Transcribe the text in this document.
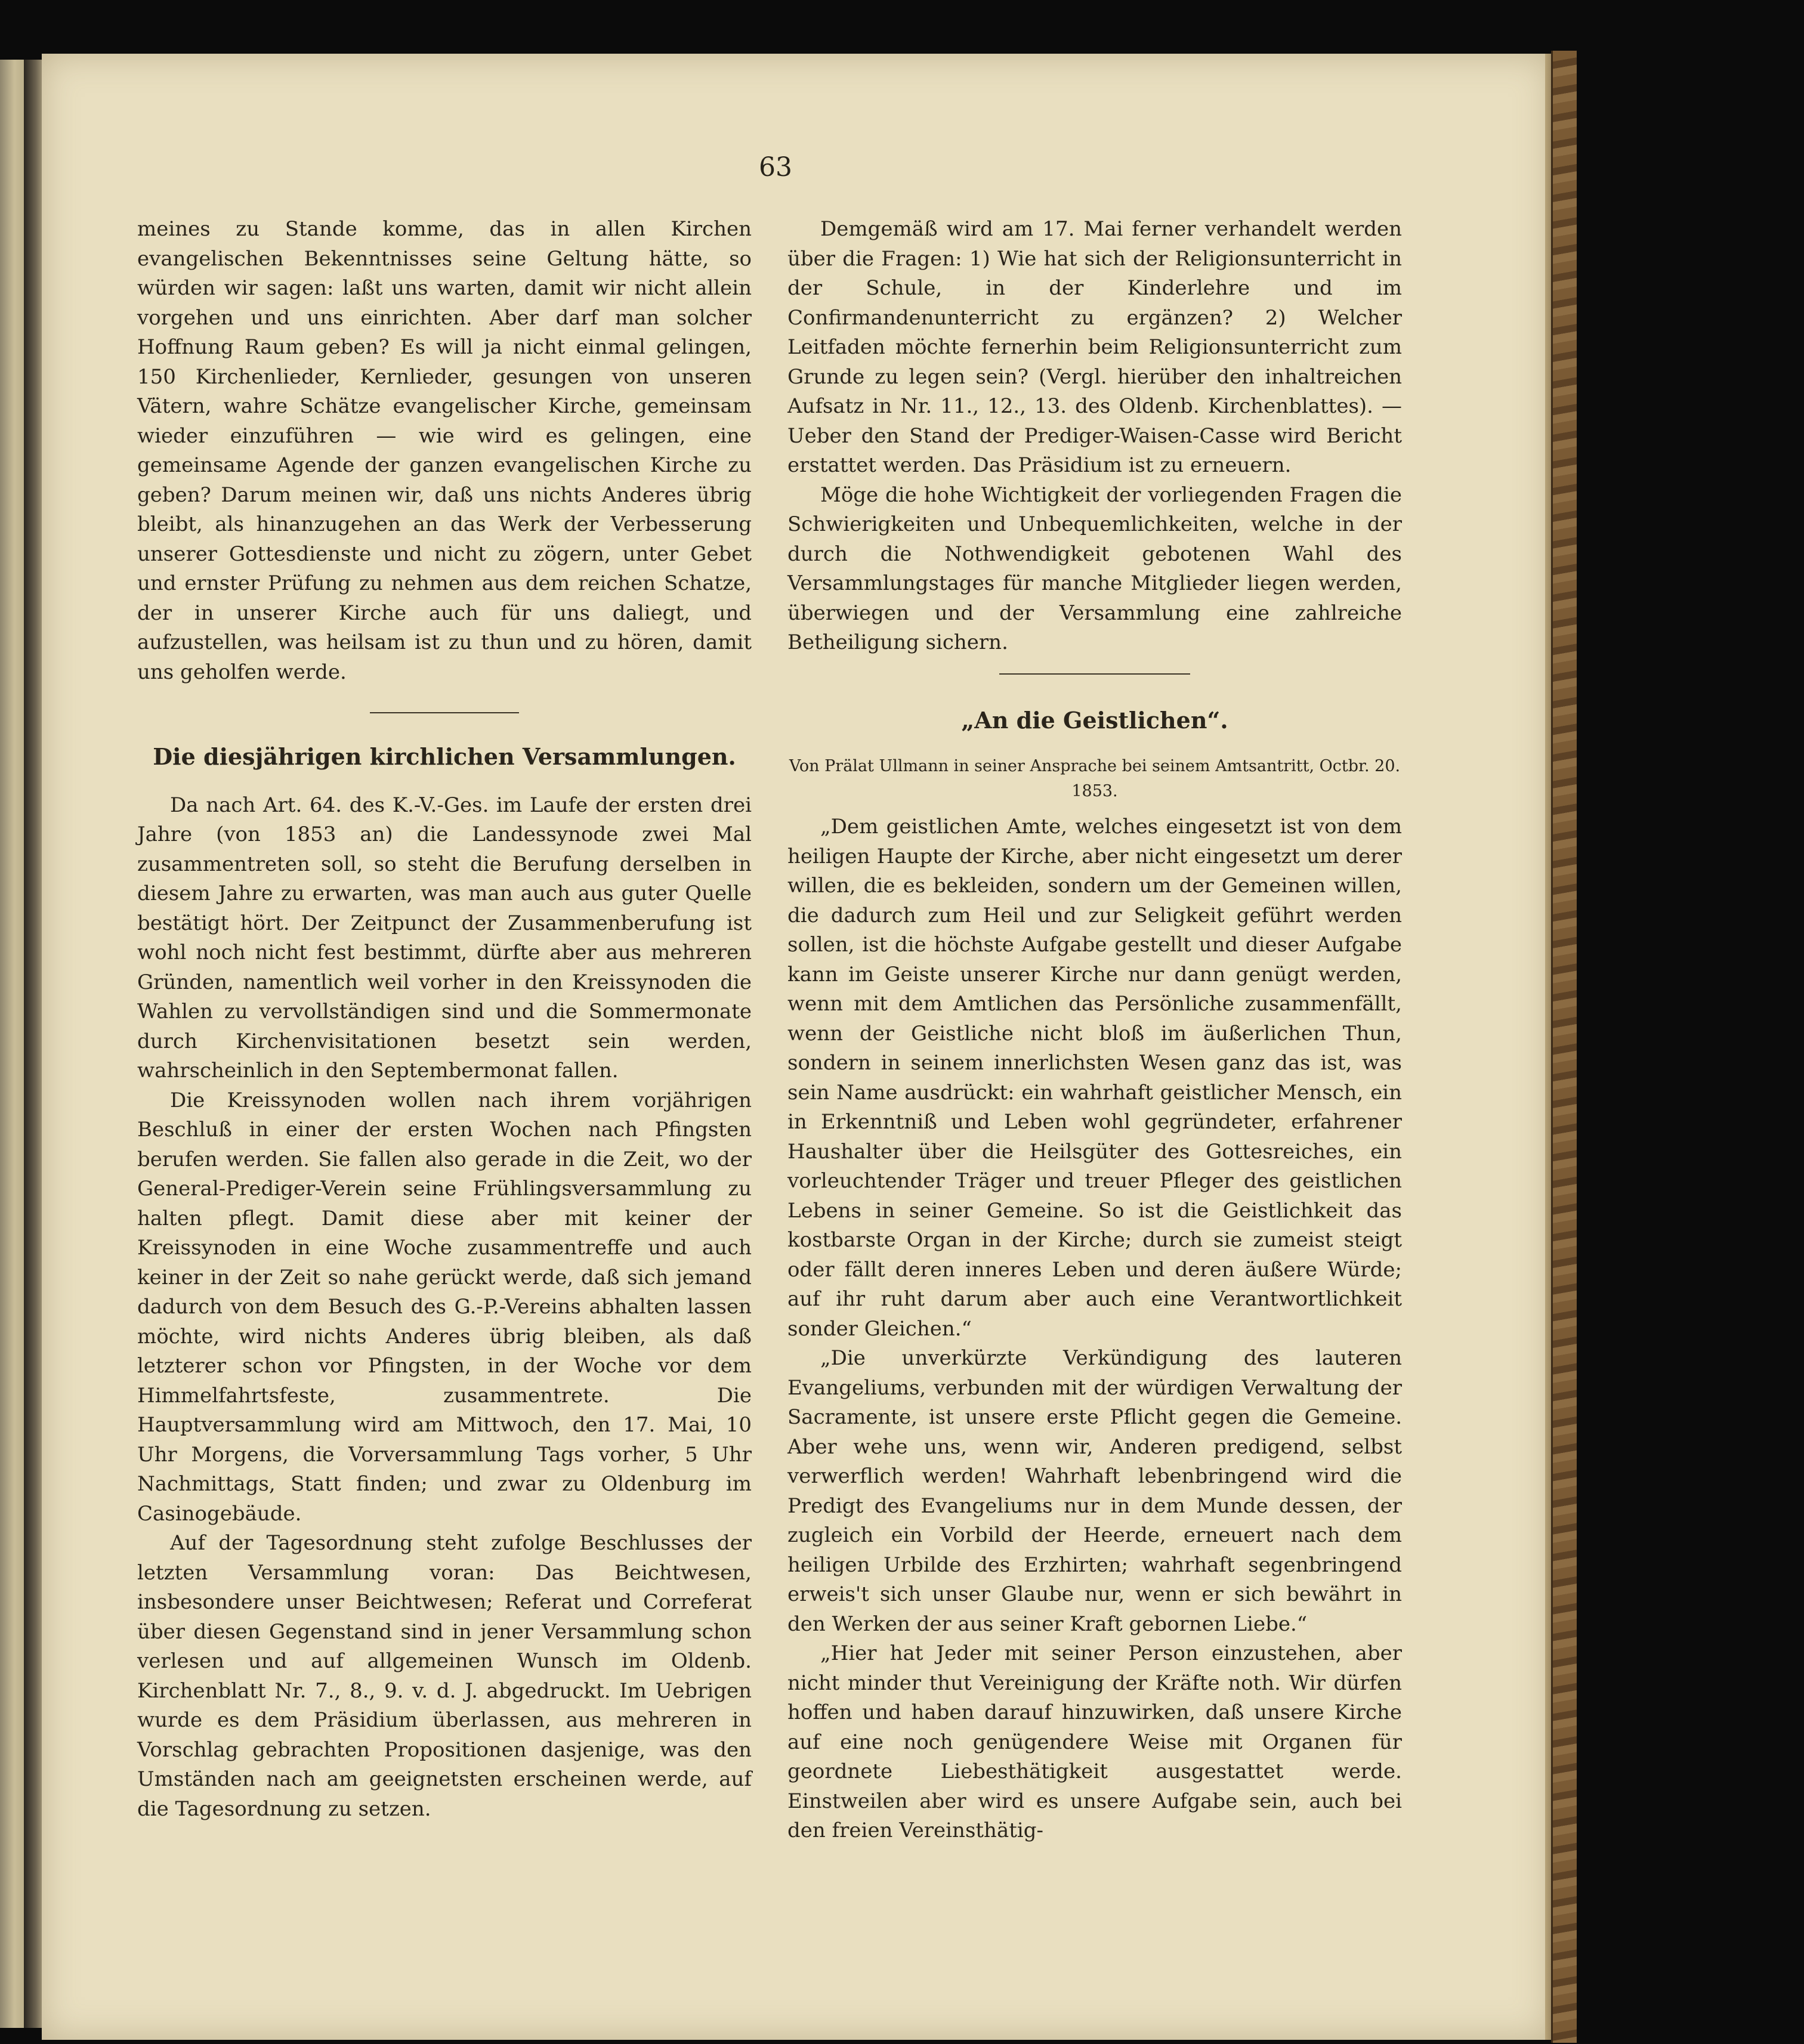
63

meines zu Stande komme, das in allen Kirchen evangelischen Bekenntnisses seine Geltung hätte, so würden wir sagen: laßt uns warten, damit wir nicht allein vorgehen und uns einrichten. Aber darf man solcher Hoffnung Raum geben? Es will ja nicht einmal gelingen, 150 Kirchenlieder, Kernlieder, gesungen von unseren Vätern, wahre Schätze evangelischer Kirche, gemeinsam wieder einzuführen — wie wird es gelingen, eine gemeinsame Agende der ganzen evangelischen Kirche zu geben? Darum meinen wir, daß uns nichts Anderes übrig bleibt, als hinanzugehen an das Werk der Verbesserung unserer Gottesdienste und nicht zu zögern, unter Gebet und ernster Prüfung zu nehmen aus dem reichen Schatze, der in unserer Kirche auch für uns daliegt, und aufzustellen, was heilsam ist zu thun und zu hören, damit uns geholfen werde.

Die diesjährigen kirchlichen Versammlungen.

Da nach Art. 64. des K.-V.-Ges. im Laufe der ersten drei Jahre (von 1853 an) die Landessynode zwei Mal zusammentreten soll, so steht die Berufung derselben in diesem Jahre zu erwarten, was man auch aus guter Quelle bestätigt hört. Der Zeitpunct der Zusammenberufung ist wohl noch nicht fest bestimmt, dürfte aber aus mehreren Gründen, namentlich weil vorher in den Kreissynoden die Wahlen zu vervollständigen sind und die Sommermonate durch Kirchenvisitationen besetzt sein werden, wahrscheinlich in den Septembermonat fallen.

Die Kreissynoden wollen nach ihrem vorjährigen Beschluß in einer der ersten Wochen nach Pfingsten berufen werden. Sie fallen also gerade in die Zeit, wo der General-Prediger-Verein seine Frühlingsversammlung zu halten pflegt. Damit diese aber mit keiner der Kreissynoden in eine Woche zusammentreffe und auch keiner in der Zeit so nahe gerückt werde, daß sich jemand dadurch von dem Besuch des G.-P.-Vereins abhalten lassen möchte, wird nichts Anderes übrig bleiben, als daß letzterer schon vor Pfingsten, in der Woche vor dem Himmelfahrtsfeste, zusammentrete. Die Hauptversammlung wird am Mittwoch, den 17. Mai, 10 Uhr Morgens, die Vorversammlung Tags vorher, 5 Uhr Nachmittags, Statt finden; und zwar zu Oldenburg im Casinogebäude.

Auf der Tagesordnung steht zufolge Beschlusses der letzten Versammlung voran: Das Beichtwesen, insbesondere unser Beichtwesen; Referat und Correferat über diesen Gegenstand sind in jener Versammlung schon verlesen und auf allgemeinen Wunsch im Oldenb. Kirchenblatt Nr. 7., 8., 9. v. d. J. abgedruckt. Im Uebrigen wurde es dem Präsidium überlassen, aus mehreren in Vorschlag gebrachten Propositionen dasjenige, was den Umständen nach am geeignetsten erscheinen werde, auf die Tagesordnung zu setzen.

Demgemäß wird am 17. Mai ferner verhandelt werden über die Fragen: 1) Wie hat sich der Religionsunterricht in der Schule, in der Kinderlehre und im Confirmandenunterricht zu ergänzen? 2) Welcher Leitfaden möchte fernerhin beim Religionsunterricht zum Grunde zu legen sein? (Vergl. hierüber den inhaltreichen Aufsatz in Nr. 11., 12., 13. des Oldenb. Kirchenblattes). — Ueber den Stand der Prediger-Waisen-Casse wird Bericht erstattet werden. Das Präsidium ist zu erneuern.

Möge die hohe Wichtigkeit der vorliegenden Fragen die Schwierigkeiten und Unbequemlichkeiten, welche in der durch die Nothwendigkeit gebotenen Wahl des Versammlungstages für manche Mitglieder liegen werden, überwiegen und der Versammlung eine zahlreiche Betheiligung sichern.

„An die Geistlichen“.
Von Prälat Ullmann in seiner Ansprache bei seinem Amtsantritt, Octbr. 20. 1853.

„Dem geistlichen Amte, welches eingesetzt ist von dem heiligen Haupte der Kirche, aber nicht eingesetzt um derer willen, die es bekleiden, sondern um der Gemeinen willen, die dadurch zum Heil und zur Seligkeit geführt werden sollen, ist die höchste Aufgabe gestellt und dieser Aufgabe kann im Geiste unserer Kirche nur dann genügt werden, wenn mit dem Amtlichen das Persönliche zusammenfällt, wenn der Geistliche nicht bloß im äußerlichen Thun, sondern in seinem innerlichsten Wesen ganz das ist, was sein Name ausdrückt: ein wahrhaft geistlicher Mensch, ein in Erkenntniß und Leben wohl gegründeter, erfahrener Haushalter über die Heilsgüter des Gottesreiches, ein vorleuchtender Träger und treuer Pfleger des geistlichen Lebens in seiner Gemeine. So ist die Geistlichkeit das kostbarste Organ in der Kirche; durch sie zumeist steigt oder fällt deren inneres Leben und deren äußere Würde; auf ihr ruht darum aber auch eine Verantwortlichkeit sonder Gleichen.“

„Die unverkürzte Verkündigung des lauteren Evangeliums, verbunden mit der würdigen Verwaltung der Sacramente, ist unsere erste Pflicht gegen die Gemeine. Aber wehe uns, wenn wir, Anderen predigend, selbst verwerflich werden! Wahrhaft lebenbringend wird die Predigt des Evangeliums nur in dem Munde dessen, der zugleich ein Vorbild der Heerde, erneuert nach dem heiligen Urbilde des Erzhirten; wahrhaft segenbringend erweis't sich unser Glaube nur, wenn er sich bewährt in den Werken der aus seiner Kraft gebornen Liebe.“

„Hier hat Jeder mit seiner Person einzustehen, aber nicht minder thut Vereinigung der Kräfte noth. Wir dürfen hoffen und haben darauf hinzuwirken, daß unsere Kirche auf eine noch genügendere Weise mit Organen für geordnete Liebesthätigkeit ausgestattet werde. Einstweilen aber wird es unsere Aufgabe sein, auch bei den freien Vereinsthätig-
